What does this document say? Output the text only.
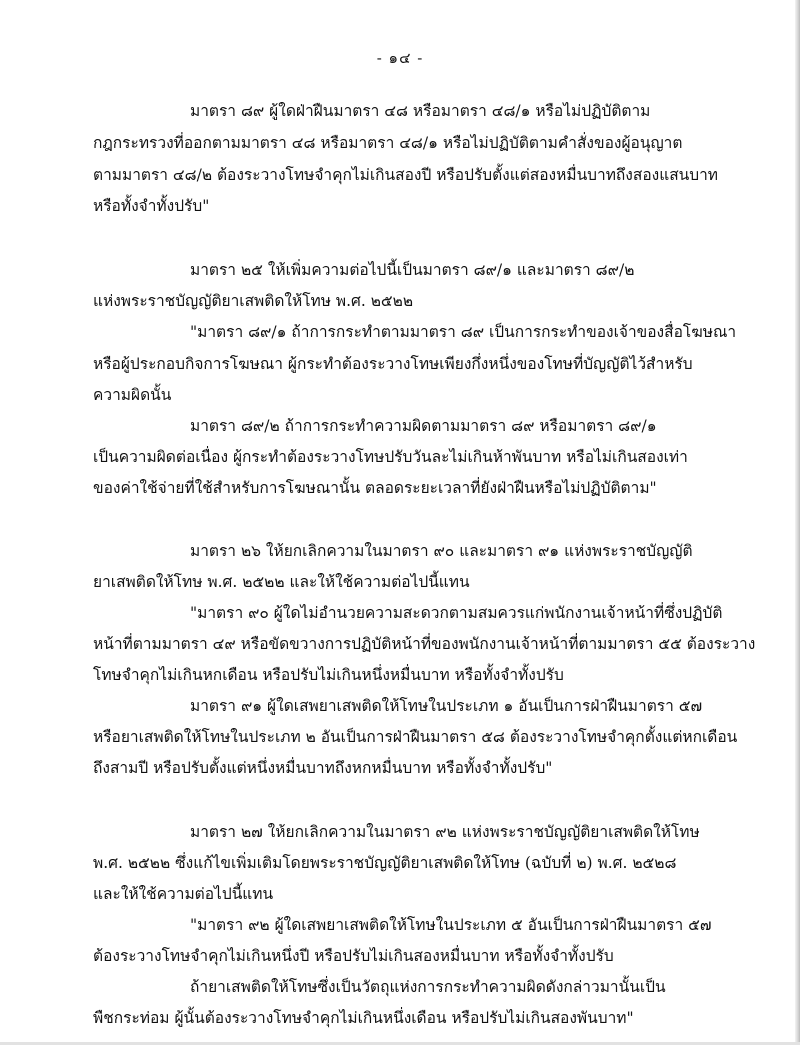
- ๑๔ -
มาตรา ๘๙ ผู้ใดฝ่าฝืนมาตรา ๔๘ หรือมาตรา ๔๘/๑ หรือไม่ปฏิบัติตาม
กฎกระทรวงที่ออกตามมาตรา ๔๘ หรือมาตรา ๔๘/๑ หรือไม่ปฏิบัติตามคำสั่งของผู้อนุญาต
ตามมาตรา ๔๘/๒ ต้องระวางโทษจำคุกไม่เกินสองปี หรือปรับตั้งแต่สองหมื่นบาทถึงสองแสนบาท
หรือทั้งจำทั้งปรับ"
มาตรา ๒๕ ให้เพิ่มความต่อไปนี้เป็นมาตรา ๘๙/๑ และมาตรา ๘๙/๒
แห่งพระราชบัญญัติยาเสพติดให้โทษ พ.ศ. ๒๕๒๒
"มาตรา ๘๙/๑ ถ้าการกระทำตามมาตรา ๘๙ เป็นการกระทำของเจ้าของสื่อโฆษณา
หรือผู้ประกอบกิจการโฆษณา ผู้กระทำต้องระวางโทษเพียงกึ่งหนึ่งของโทษที่บัญญัติไว้สำหรับ
ความผิดนั้น
มาตรา ๘๙/๒ ถ้าการกระทำความผิดตามมาตรา ๘๙ หรือมาตรา ๘๙/๑
เป็นความผิดต่อเนื่อง ผู้กระทำต้องระวางโทษปรับวันละไม่เกินห้าพันบาท หรือไม่เกินสองเท่า
ของค่าใช้จ่ายที่ใช้สำหรับการโฆษณานั้น ตลอดระยะเวลาที่ยังฝ่าฝืนหรือไม่ปฏิบัติตาม"
มาตรา ๒๖ ให้ยกเลิกความในมาตรา ๙๐ และมาตรา ๙๑ แห่งพระราชบัญญัติ
ยาเสพติดให้โทษ พ.ศ. ๒๕๒๒ และให้ใช้ความต่อไปนี้แทน
"มาตรา ๙๐ ผู้ใดไม่อำนวยความสะดวกตามสมควรแก่พนักงานเจ้าหน้าที่ซึ่งปฏิบัติ
หน้าที่ตามมาตรา ๔๙ หรือขัดขวางการปฏิบัติหน้าที่ของพนักงานเจ้าหน้าที่ตามมาตรา ๕๕ ต้องระวาง
โทษจำคุกไม่เกินหกเดือน หรือปรับไม่เกินหนึ่งหมื่นบาท หรือทั้งจำทั้งปรับ
มาตรา ๙๑ ผู้ใดเสพยาเสพติดให้โทษในประเภท ๑ อันเป็นการฝ่าฝืนมาตรา ๕๗
หรือยาเสพติดให้โทษในประเภท ๒ อันเป็นการฝ่าฝืนมาตรา ๕๘ ต้องระวางโทษจำคุกตั้งแต่หกเดือน
ถึงสามปี หรือปรับตั้งแต่หนึ่งหมื่นบาทถึงหกหมื่นบาท หรือทั้งจำทั้งปรับ"
มาตรา ๒๗ ให้ยกเลิกความในมาตรา ๙๒ แห่งพระราชบัญญัติยาเสพติดให้โทษ
พ.ศ. ๒๕๒๒ ซึ่งแก้ไขเพิ่มเติมโดยพระราชบัญญัติยาเสพติดให้โทษ (ฉบับที่ ๒) พ.ศ. ๒๕๒๘
และให้ใช้ความต่อไปนี้แทน
"มาตรา ๙๒ ผู้ใดเสพยาเสพติดให้โทษในประเภท ๕ อันเป็นการฝ่าฝืนมาตรา ๕๗
ต้องระวางโทษจำคุกไม่เกินหนึ่งปี หรือปรับไม่เกินสองหมื่นบาท หรือทั้งจำทั้งปรับ
ถ้ายาเสพติดให้โทษซึ่งเป็นวัตถุแห่งการกระทำความผิดดังกล่าวมานั้นเป็น
พืชกระท่อม ผู้นั้นต้องระวางโทษจำคุกไม่เกินหนึ่งเดือน หรือปรับไม่เกินสองพันบาท"
